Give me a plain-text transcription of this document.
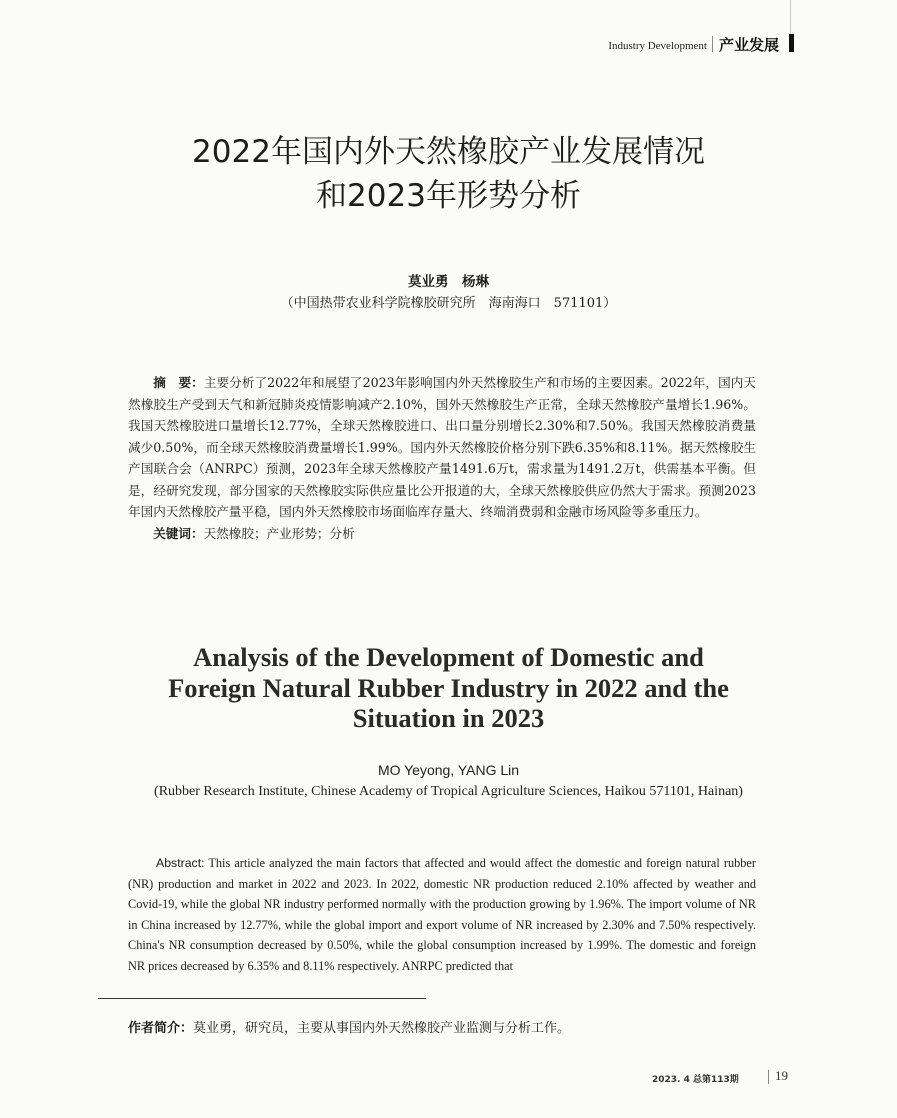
Industry Development 产业发展
2022年国内外天然橡胶产业发展情况
和2023年形势分析
莫业勇　杨琳
（中国热带农业科学院橡胶研究所　海南海口　571101）

摘　要：主要分析了2022年和展望了2023年影响国内外天然橡胶生产和市场的主要因素。2022年，国内天然橡胶生产受到天气和新冠肺炎疫情影响减产2.10%，国外天然橡胶生产正常，全球天然橡胶产量增长1.96%。我国天然橡胶进口量增长12.77%，全球天然橡胶进口、出口量分别增长2.30%和7.50%。我国天然橡胶消费量减少0.50%，而全球天然橡胶消费量增长1.99%。国内外天然橡胶价格分别下跌6.35%和8.11%。据天然橡胶生产国联合会（ANRPC）预测，2023年全球天然橡胶产量1491.6万t，需求量为1491.2万t，供需基本平衡。但是，经研究发现，部分国家的天然橡胶实际供应量比公开报道的大，全球天然橡胶供应仍然大于需求。预测2023年国内天然橡胶产量平稳，国内外天然橡胶市场面临库存量大、终端消费弱和金融市场风险等多重压力。

关键词：天然橡胶；产业形势；分析

Analysis of the Development of Domestic and
Foreign Natural Rubber Industry in 2022 and the
Situation in 2023
MO Yeyong, YANG Lin
(Rubber Research Institute, Chinese Academy of Tropical Agriculture Sciences, Haikou 571101, Hainan)

Abstract: This article analyzed the main factors that affected and would affect the domestic and foreign natural rubber (NR) production and market in 2022 and 2023. In 2022, domestic NR production reduced 2.10% affected by weather and Covid-19, while the global NR industry performed normally with the production growing by 1.96%. The import volume of NR in China increased by 12.77%, while the global import and export volume of NR increased by 2.30% and 7.50% respectively. China's NR consumption decreased by 0.50%, while the global consumption increased by 1.99%. The domestic and foreign NR prices decreased by 6.35% and 8.11% respectively. ANRPC predicted that

作者简介：莫业勇，研究员，主要从事国内外天然橡胶产业监测与分析工作。
2023. 4 总第113期	19
